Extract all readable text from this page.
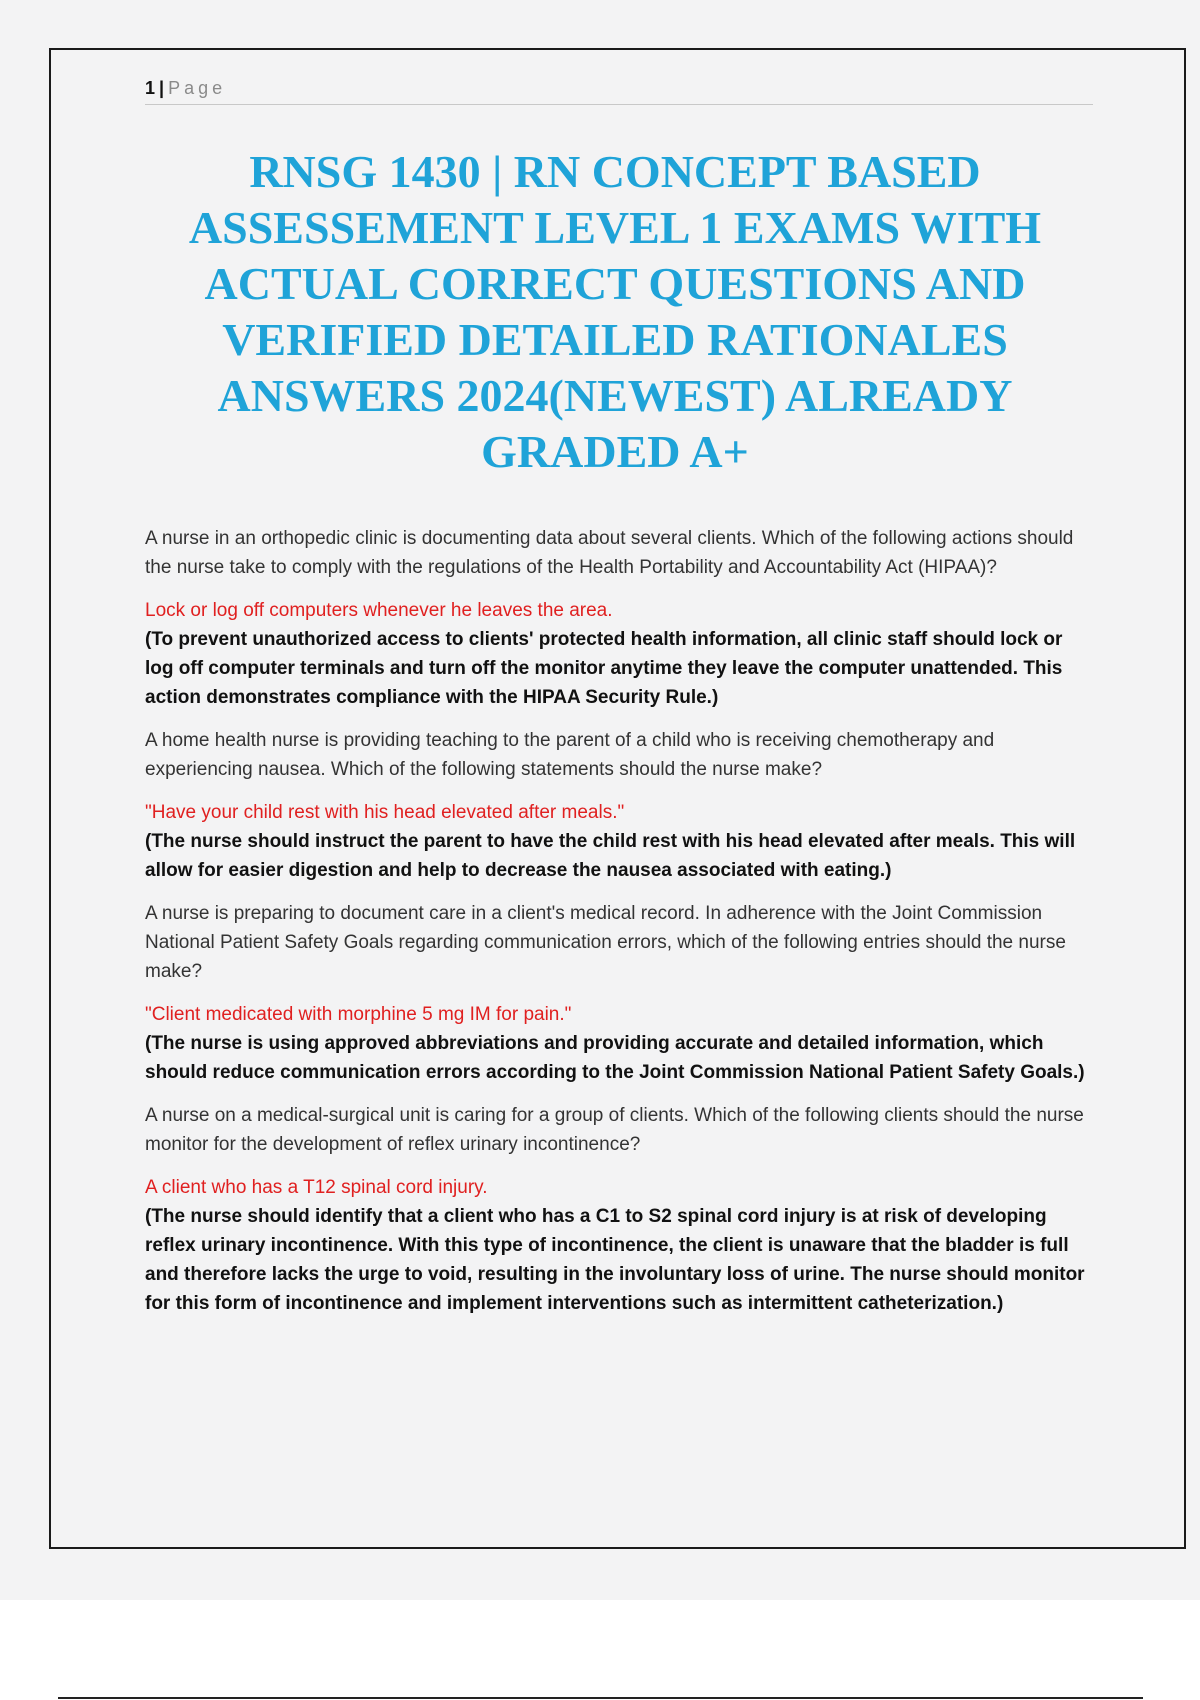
1 | Page
RNSG 1430 | RN CONCEPT BASED ASSESSEMENT LEVEL 1 EXAMS WITH ACTUAL CORRECT QUESTIONS AND VERIFIED DETAILED RATIONALES ANSWERS 2024(NEWEST) ALREADY GRADED A+

A nurse in an orthopedic clinic is documenting data about several clients. Which of the following actions should the nurse take to comply with the regulations of the Health Portability and Accountability Act (HIPAA)?

Lock or log off computers whenever he leaves the area.

(To prevent unauthorized access to clients' protected health information, all clinic staff should lock or log off computer terminals and turn off the monitor anytime they leave the computer unattended. This action demonstrates compliance with the HIPAA Security Rule.)

A home health nurse is providing teaching to the parent of a child who is receiving chemotherapy and experiencing nausea. Which of the following statements should the nurse make?

"Have your child rest with his head elevated after meals."

(The nurse should instruct the parent to have the child rest with his head elevated after meals. This will allow for easier digestion and help to decrease the nausea associated with eating.)

A nurse is preparing to document care in a client's medical record. In adherence with the Joint Commission National Patient Safety Goals regarding communication errors, which of the following entries should the nurse make?

"Client medicated with morphine 5 mg IM for pain."

(The nurse is using approved abbreviations and providing accurate and detailed information, which should reduce communication errors according to the Joint Commission National Patient Safety Goals.)

A nurse on a medical-surgical unit is caring for a group of clients. Which of the following clients should the nurse monitor for the development of reflex urinary incontinence?

A client who has a T12 spinal cord injury.

(The nurse should identify that a client who has a C1 to S2 spinal cord injury is at risk of developing reflex urinary incontinence. With this type of incontinence, the client is unaware that the bladder is full and therefore lacks the urge to void, resulting in the involuntary loss of urine. The nurse should monitor for this form of incontinence and implement interventions such as intermittent catheterization.)
